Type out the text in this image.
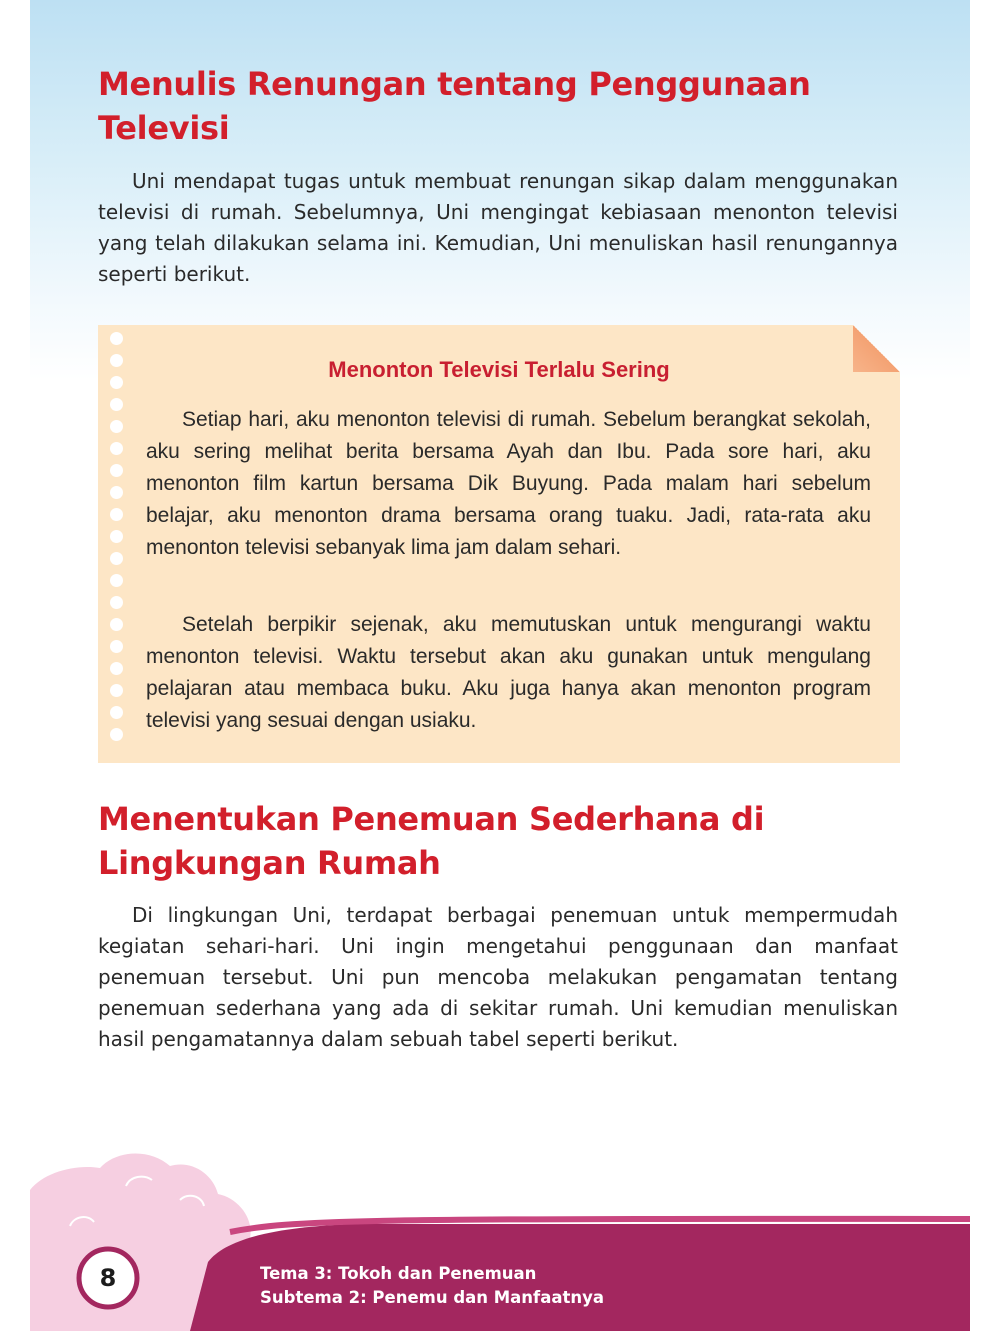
Menulis Renungan tentang Penggunaan
Televisi

Uni mendapat tugas untuk membuat renungan sikap dalam menggunakan televisi di rumah. Sebelumnya, Uni mengingat kebiasaan menonton televisi yang telah dilakukan selama ini. Kemudian, Uni menuliskan hasil renungannya seperti berikut.

Menonton Televisi Terlalu Sering

Setiap hari, aku menonton televisi di rumah. Sebelum berangkat sekolah, aku sering melihat berita bersama Ayah dan Ibu. Pada sore hari, aku menonton film kartun bersama Dik Buyung. Pada malam hari sebelum belajar, aku menonton drama bersama orang tuaku. Jadi, rata-rata aku menonton televisi sebanyak lima jam dalam sehari.

Setelah berpikir sejenak, aku memutuskan untuk mengurangi waktu menonton televisi. Waktu tersebut akan aku gunakan untuk mengulang pelajaran atau membaca buku. Aku juga hanya akan menonton program televisi yang sesuai dengan usiaku.

Menentukan Penemuan Sederhana di
Lingkungan Rumah

Di lingkungan Uni, terdapat berbagai penemuan untuk mempermudah kegiatan sehari-hari. Uni ingin mengetahui penggunaan dan manfaat penemuan tersebut. Uni pun mencoba melakukan pengamatan tentang penemuan sederhana yang ada di sekitar rumah. Uni kemudian menuliskan hasil pengamatannya dalam sebuah tabel seperti berikut.

8	Tema 3: Tokoh dan Penemuan
Subtema 2: Penemu dan Manfaatnya
